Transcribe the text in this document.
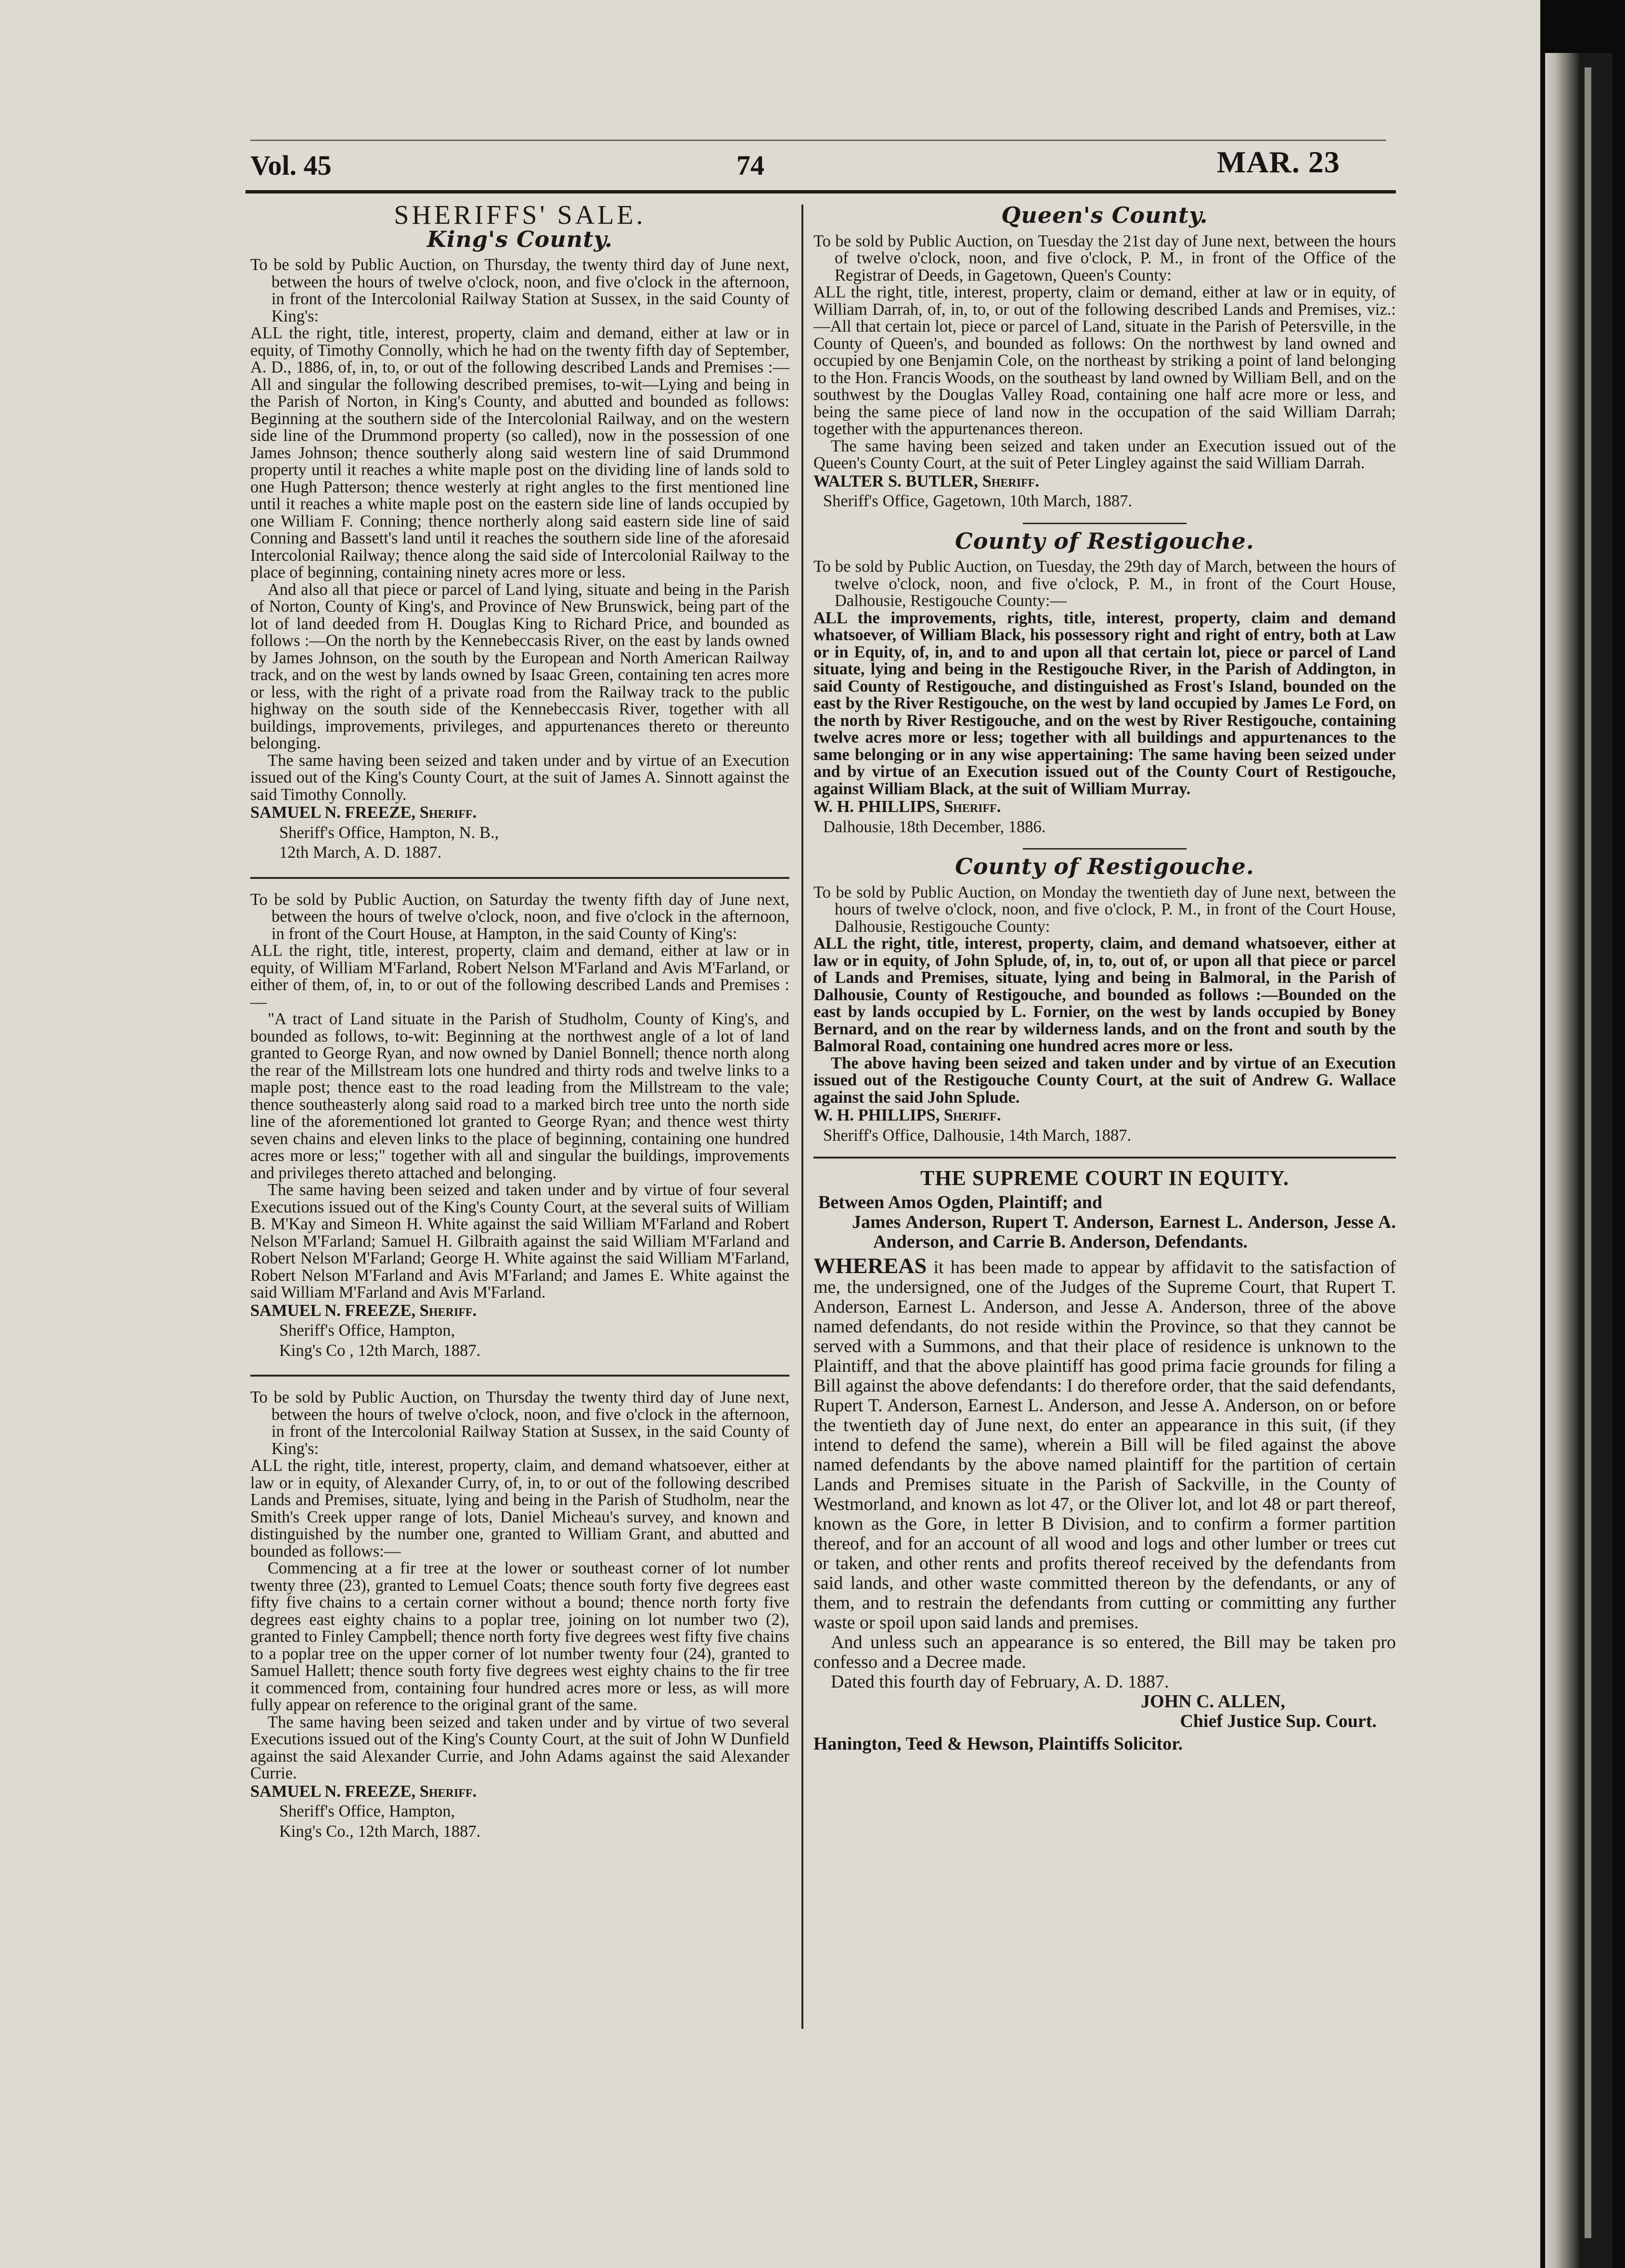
Vol. 45	74	MAR. 23
SHERIFFS' SALE.
King's County.

To be sold by Public Auction, on Thursday, the twenty third day of June next, between the hours of twelve o'clock, noon, and five o'clock in the afternoon, in front of the Intercolonial Railway Station at Sussex, in the said County of King's:

ALL the right, title, interest, property, claim and demand, either at law or in equity, of Timothy Connolly, which he had on the twenty fifth day of September, A. D., 1886, of, in, to, or out of the following described Lands and Premises :—All and singular the following described premises, to-wit—Lying and being in the Parish of Norton, in King's County, and abutted and bounded as follows: Beginning at the southern side of the Intercolonial Railway, and on the western side line of the Drummond property (so called), now in the possession of one James Johnson; thence southerly along said western line of said Drummond property until it reaches a white maple post on the dividing line of lands sold to one Hugh Patterson; thence westerly at right angles to the first mentioned line until it reaches a white maple post on the eastern side line of lands occupied by one William F. Conning; thence northerly along said eastern side line of said Conning and Bassett's land until it reaches the southern side line of the aforesaid Intercolonial Railway; thence along the said side of Intercolonial Railway to the place of beginning, containing ninety acres more or less.

And also all that piece or parcel of Land lying, situate and being in the Parish of Norton, County of King's, and Province of New Brunswick, being part of the lot of land deeded from H. Douglas King to Richard Price, and bounded as follows :—On the north by the Kennebeccasis River, on the east by lands owned by James Johnson, on the south by the European and North American Railway track, and on the west by lands owned by Isaac Green, containing ten acres more or less, with the right of a private road from the Railway track to the public highway on the south side of the Kennebeccasis River, together with all buildings, improvements, privileges, and appurtenances thereto or thereunto belonging.

The same having been seized and taken under and by virtue of an Execution issued out of the King's County Court, at the suit of James A. Sinnott against the said Timothy Connolly.

SAMUEL N. FREEZE, Sheriff.

Sheriff's Office, Hampton, N. B.,

12th March, A. D. 1887.

To be sold by Public Auction, on Saturday the twenty fifth day of June next, between the hours of twelve o'clock, noon, and five o'clock in the afternoon, in front of the Court House, at Hampton, in the said County of King's:

ALL the right, title, interest, property, claim and demand, either at law or in equity, of William M'Farland, Robert Nelson M'Farland and Avis M'Farland, or either of them, of, in, to or out of the following described Lands and Premises :—

"A tract of Land situate in the Parish of Studholm, County of King's, and bounded as follows, to-wit: Beginning at the northwest angle of a lot of land granted to George Ryan, and now owned by Daniel Bonnell; thence north along the rear of the Millstream lots one hundred and thirty rods and twelve links to a maple post; thence east to the road leading from the Millstream to the vale; thence southeasterly along said road to a marked birch tree unto the north side line of the aforementioned lot granted to George Ryan; and thence west thirty seven chains and eleven links to the place of beginning, containing one hundred acres more or less;" together with all and singular the buildings, improvements and privileges thereto attached and belonging.

The same having been seized and taken under and by virtue of four several Executions issued out of the King's County Court, at the several suits of William B. M'Kay and Simeon H. White against the said William M'Farland and Robert Nelson M'Farland; Samuel H. Gilbraith against the said William M'Farland and Robert Nelson M'Farland; George H. White against the said William M'Farland, Robert Nelson M'Farland and Avis M'Farland; and James E. White against the said William M'Farland and Avis M'Farland.

SAMUEL N. FREEZE, Sheriff.

Sheriff's Office, Hampton,

King's Co , 12th March, 1887.

To be sold by Public Auction, on Thursday the twenty third day of June next, between the hours of twelve o'clock, noon, and five o'clock in the afternoon, in front of the Intercolonial Railway Station at Sussex, in the said County of King's:

ALL the right, title, interest, property, claim, and demand whatsoever, either at law or in equity, of Alexander Curry, of, in, to or out of the following described Lands and Premises, situate, lying and being in the Parish of Studholm, near the Smith's Creek upper range of lots, Daniel Micheau's survey, and known and distinguished by the number one, granted to William Grant, and abutted and bounded as follows:—

Commencing at a fir tree at the lower or southeast corner of lot number twenty three (23), granted to Lemuel Coats; thence south forty five degrees east fifty five chains to a certain corner without a bound; thence north forty five degrees east eighty chains to a poplar tree, joining on lot number two (2), granted to Finley Campbell; thence north forty five degrees west fifty five chains to a poplar tree on the upper corner of lot number twenty four (24), granted to Samuel Hallett; thence south forty five degrees west eighty chains to the fir tree it commenced from, containing four hundred acres more or less, as will more fully appear on reference to the original grant of the same.

The same having been seized and taken under and by virtue of two several Executions issued out of the King's County Court, at the suit of John W Dunfield against the said Alexander Currie, and John Adams against the said Alexander Currie.

SAMUEL N. FREEZE, Sheriff.

Sheriff's Office, Hampton,

King's Co., 12th March, 1887.

Queen's County.

To be sold by Public Auction, on Tuesday the 21st day of June next, between the hours of twelve o'clock, noon, and five o'clock, P. M., in front of the Office of the Registrar of Deeds, in Gagetown, Queen's County:

ALL the right, title, interest, property, claim or demand, either at law or in equity, of William Darrah, of, in, to, or out of the following described Lands and Premises, viz.:—All that certain lot, piece or parcel of Land, situate in the Parish of Petersville, in the County of Queen's, and bounded as follows: On the northwest by land owned and occupied by one Benjamin Cole, on the northeast by striking a point of land belonging to the Hon. Francis Woods, on the southeast by land owned by William Bell, and on the southwest by the Douglas Valley Road, containing one half acre more or less, and being the same piece of land now in the occupation of the said William Darrah; together with the appurtenances thereon.

The same having been seized and taken under an Execution issued out of the Queen's County Court, at the suit of Peter Lingley against the said William Darrah.

WALTER S. BUTLER, Sheriff.

Sheriff's Office, Gagetown, 10th March, 1887.

County of Restigouche.

To be sold by Public Auction, on Tuesday, the 29th day of March, between the hours of twelve o'clock, noon, and five o'clock, P. M., in front of the Court House, Dalhousie, Restigouche County:—

ALL the improvements, rights, title, interest, property, claim and demand whatsoever, of William Black, his possessory right and right of entry, both at Law or in Equity, of, in, and to and upon all that certain lot, piece or parcel of Land situate, lying and being in the Restigouche River, in the Parish of Addington, in said County of Restigouche, and distinguished as Frost's Island, bounded on the east by the River Restigouche, on the west by land occupied by James Le Ford, on the north by River Restigouche, and on the west by River Restigouche, containing twelve acres more or less; together with all buildings and appurtenances to the same belonging or in any wise appertaining: The same having been seized under and by virtue of an Execution issued out of the County Court of Restigouche, against William Black, at the suit of William Murray.

W. H. PHILLIPS, Sheriff.

Dalhousie, 18th December, 1886.

County of Restigouche.

To be sold by Public Auction, on Monday the twentieth day of June next, between the hours of twelve o'clock, noon, and five o'clock, P. M., in front of the Court House, Dalhousie, Restigouche County:

ALL the right, title, interest, property, claim, and demand whatsoever, either at law or in equity, of John Splude, of, in, to, out of, or upon all that piece or parcel of Lands and Premises, situate, lying and being in Balmoral, in the Parish of Dalhousie, County of Restigouche, and bounded as follows :—Bounded on the east by lands occupied by L. Fornier, on the west by lands occupied by Boney Bernard, and on the rear by wilderness lands, and on the front and south by the Balmoral Road, containing one hundred acres more or less.

The above having been seized and taken under and by virtue of an Execution issued out of the Restigouche County Court, at the suit of Andrew G. Wallace against the said John Splude.

W. H. PHILLIPS, Sheriff.

Sheriff's Office, Dalhousie, 14th March, 1887.

THE SUPREME COURT IN EQUITY.

Between Amos Ogden, Plaintiff; and

James Anderson, Rupert T. Anderson, Earnest L. Anderson, Jesse A. Anderson, and Carrie B. Anderson, Defendants.

WHEREAS it has been made to appear by affidavit to the satisfaction of me, the undersigned, one of the Judges of the Supreme Court, that Rupert T. Anderson, Earnest L. Anderson, and Jesse A. Anderson, three of the above named defendants, do not reside within the Province, so that they cannot be served with a Summons, and that their place of residence is unknown to the Plaintiff, and that the above plaintiff has good prima facie grounds for filing a Bill against the above defendants: I do therefore order, that the said defendants, Rupert T. Anderson, Earnest L. Anderson, and Jesse A. Anderson, on or before the twentieth day of June next, do enter an appearance in this suit, (if they intend to defend the same), wherein a Bill will be filed against the above named defendants by the above named plaintiff for the partition of certain Lands and Premises situate in the Parish of Sackville, in the County of Westmorland, and known as lot 47, or the Oliver lot, and lot 48 or part thereof, known as the Gore, in letter B Division, and to confirm a former partition thereof, and for an account of all wood and logs and other lumber or trees cut or taken, and other rents and profits thereof received by the defendants from said lands, and other waste committed thereon by the defendants, or any of them, and to restrain the defendants from cutting or committing any further waste or spoil upon said lands and premises.

And unless such an appearance is so entered, the Bill may be taken pro confesso and a Decree made.

Dated this fourth day of February, A. D. 1887.

JOHN C. ALLEN,

Chief Justice Sup. Court.

Hanington, Teed & Hewson, Plaintiffs Solicitor.
